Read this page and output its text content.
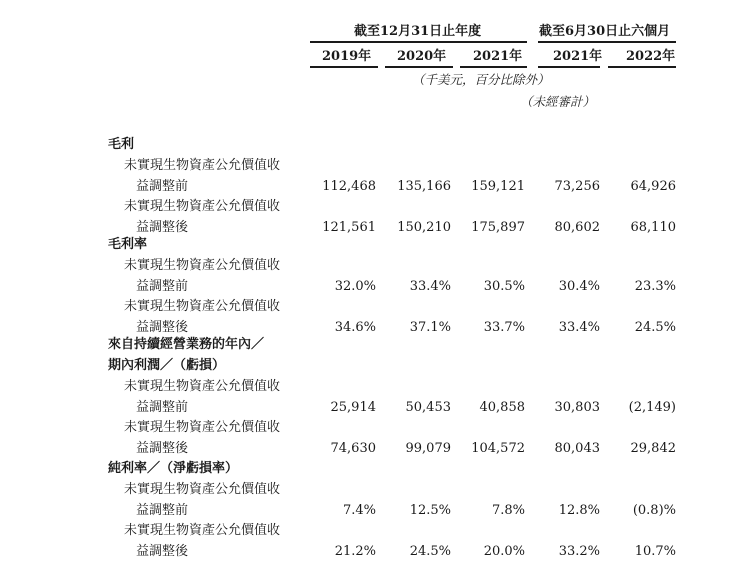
截至12月31日止年度	截至6月30日止六個月
2019年 2020年 2021年 2021年 2022年
（千美元，百分比除外）
（未經審計）
毛利
未實現生物資產公允價值收
益調整前	112,468 135,166 159,121 73,256 64,926
未實現生物資產公允價值收
益調整後	121,561 150,210 175,897 80,602 68,110
毛利率
未實現生物資產公允價值收
益調整前	32.0%	33.4%	30.5%	30.4%	23.3%
未實現生物資產公允價值收
益調整後	34.6%	37.1%	33.7%	33.4%	24.5%
來自持續經營業務的年內／
期內利潤／（虧損）
未實現生物資產公允價值收
益調整前	25,914 50,453 40,858 30,803 (2,149)
未實現生物資產公允價值收
益調整後	74,630 99,079 104,572 80,043 29,842
純利率／（淨虧損率）
未實現生物資產公允價值收
益調整前	7.4%	12.5%	7.8%	12.8%	(0.8)%
未實現生物資產公允價值收
益調整後	21.2%	24.5%	20.0%	33.2%	10.7%
